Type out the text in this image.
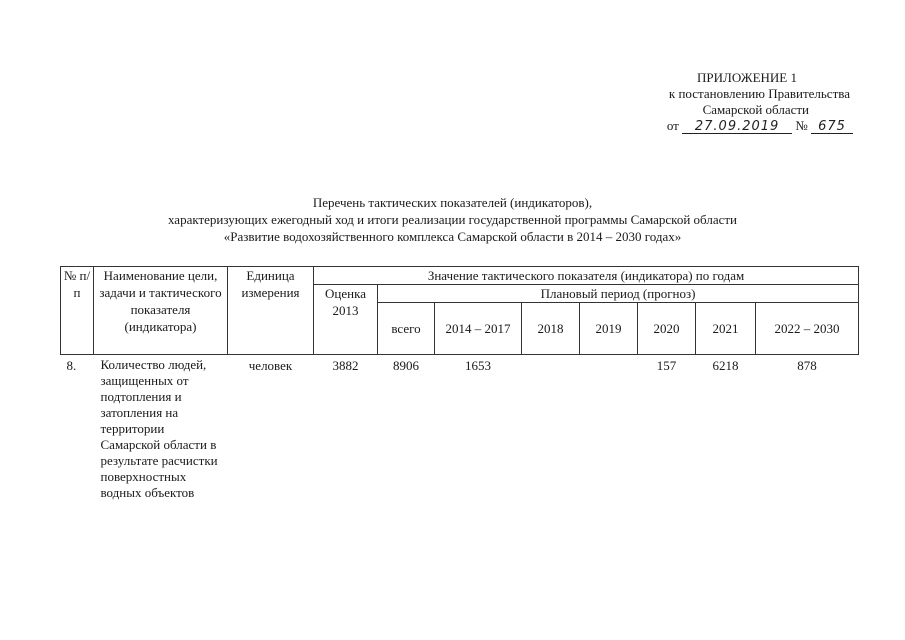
ПРИЛОЖЕНИЕ 1
к постановлению Правительства
Самарской области
от 27.09.2019 № 675
Перечень тактических показателей (индикаторов),
характеризующих ежегодный ход и итоги реализации государственной программы Самарской области
«Развитие водохозяйственного комплекса Самарской области в 2014 – 2030 годах»
№ п/п	Наименование цели, задачи и тактического показателя (индикатора)	Единица измерения	Значение тактического показателя (индикатора) по годам							
			Оценка 2013	Плановый период (прогноз)						
				всего	2014 – 2017	2018	2019	2020	2021	2022 – 2030
8.	Количество людей, защищенных от подтопления и затопления на территории Самарской области в результате расчистки поверхностных водных объектов	человек	3882	8906	1653			157	6218	878
